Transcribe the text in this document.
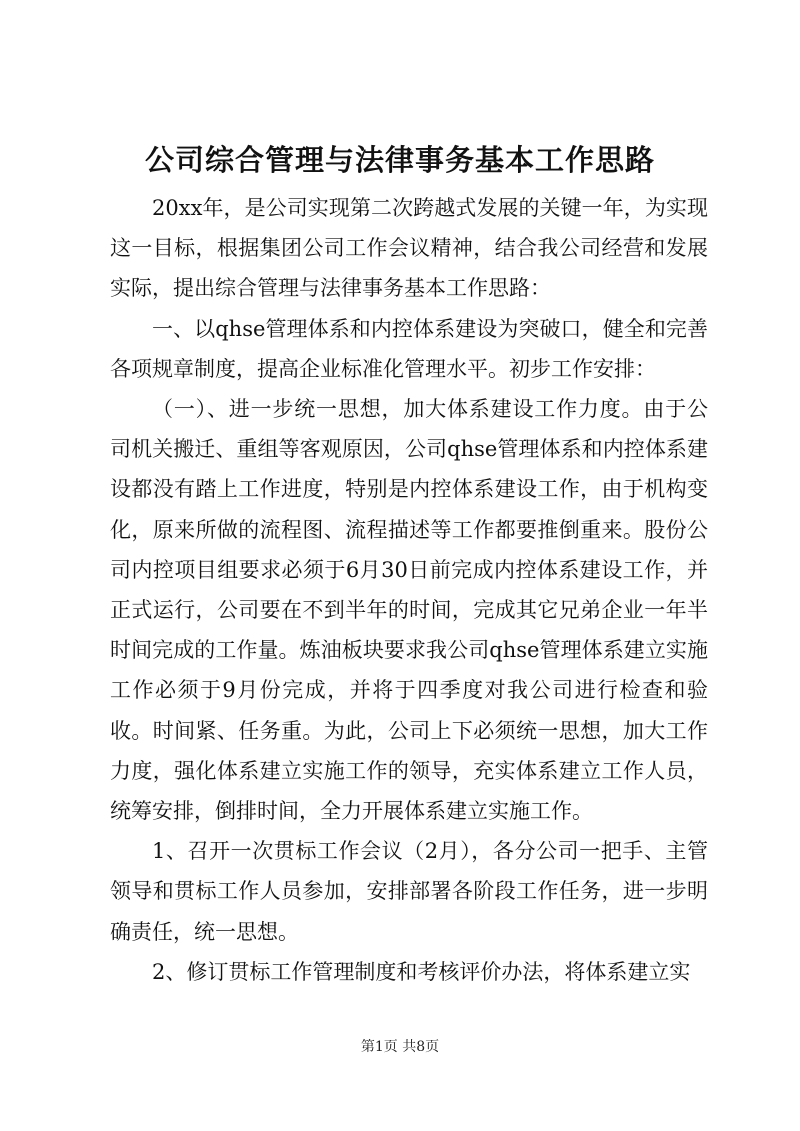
公司综合管理与法律事务基本工作思路

20xx年，是公司实现第二次跨越式发展的关键一年，为实现这一目标，根据集团公司工作会议精神，结合我公司经营和发展实际，提出综合管理与法律事务基本工作思路：

一、以qhse管理体系和内控体系建设为突破口，健全和完善各项规章制度，提高企业标准化管理水平。初步工作安排：

（一）、进一步统一思想，加大体系建设工作力度。由于公司机关搬迁、重组等客观原因，公司qhse管理体系和内控体系建设都没有踏上工作进度，特别是内控体系建设工作，由于机构变化，原来所做的流程图、流程描述等工作都要推倒重来。股份公司内控项目组要求必须于6月30日前完成内控体系建设工作，并正式运行，公司要在不到半年的时间，完成其它兄弟企业一年半时间完成的工作量。炼油板块要求我公司qhse管理体系建立实施工作必须于9月份完成，并将于四季度对我公司进行检查和验收。时间紧、任务重。为此，公司上下必须统一思想，加大工作力度，强化体系建立实施工作的领导，充实体系建立工作人员，统筹安排，倒排时间，全力开展体系建立实施工作。

1、召开一次贯标工作会议（2月），各分公司一把手、主管领导和贯标工作人员参加，安排部署各阶段工作任务，进一步明确责任，统一思想。

2、修订贯标工作管理制度和考核评价办法，将体系建立实

第1页 共8页
